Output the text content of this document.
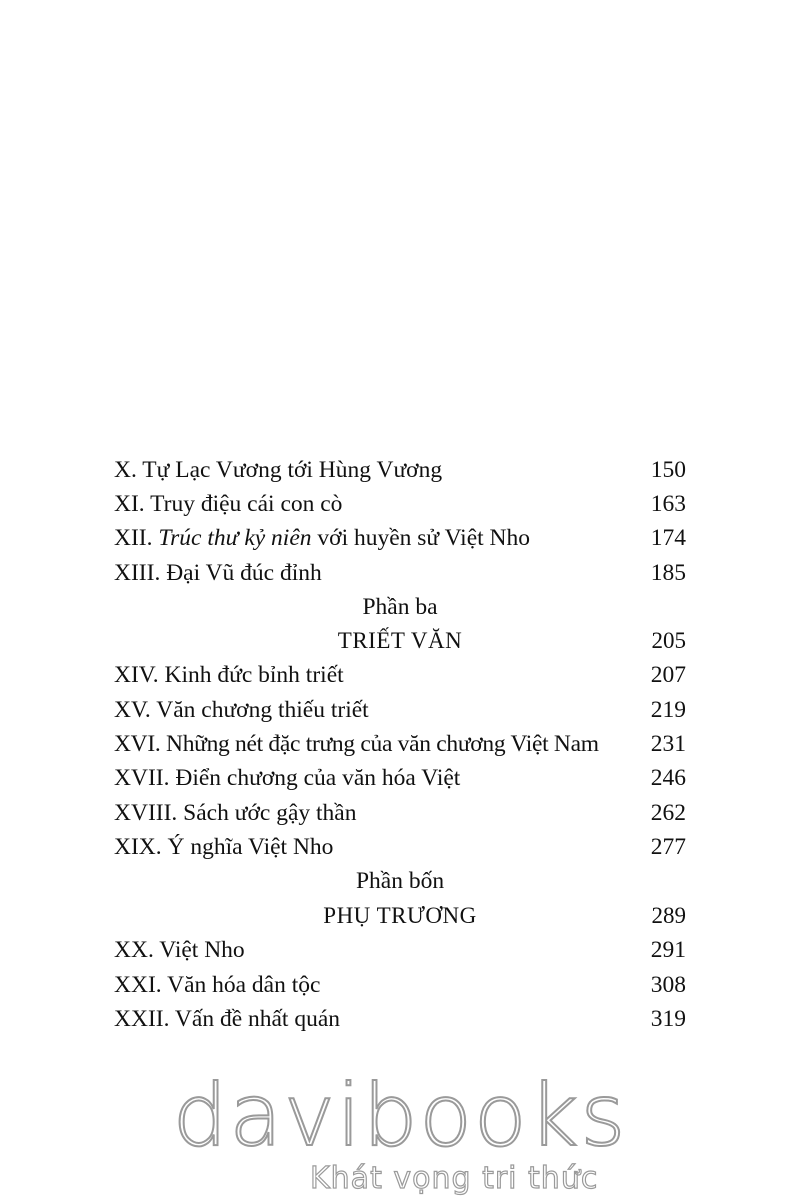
X. Tự Lạc Vương tới Hùng Vương	150
XI. Truy điệu cái con cò	163
XII. Trúc thư kỷ niên với huyền sử Việt Nho	174
XIII. Đại Vũ đúc đỉnh	185
Phần ba
TRIẾT VĂN	205
XIV. Kinh đức bỉnh triết	207
XV. Văn chương thiếu triết	219
XVI. Những nét đặc trưng của văn chương Việt Nam 231
XVII. Điển chương của văn hóa Việt	246
XVIII. Sách ước gậy thần	262
XIX. Ý nghĩa Việt Nho	277
Phần bốn
PHỤ TRƯƠNG	289
XX. Việt Nho	291
XXI. Văn hóa dân tộc	308
XXII. Vấn đề nhất quán	319
davibooks
Khát vọng tri thức
